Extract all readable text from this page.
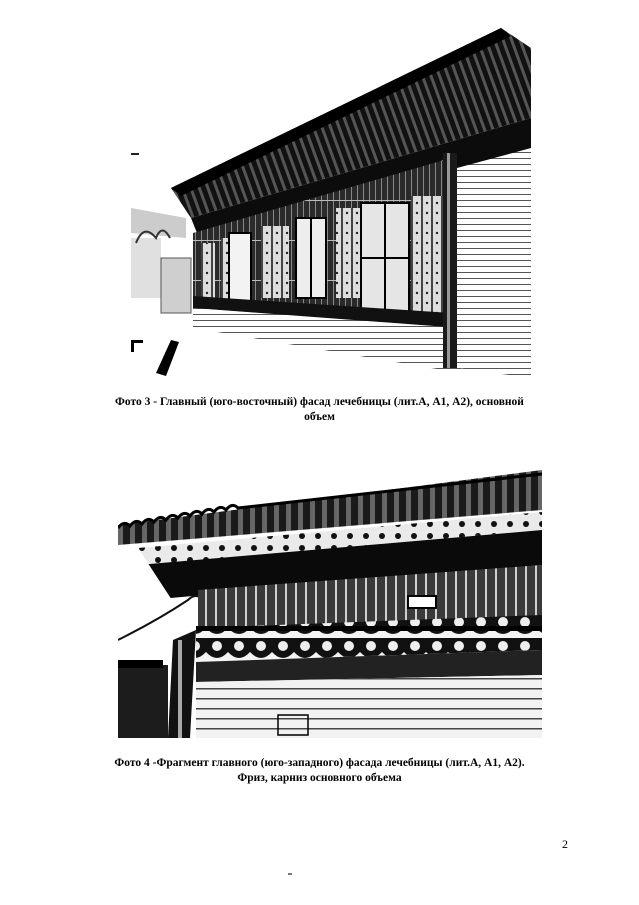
Фото 3 - Главный (юго-восточный) фасад лечебницы (лит.А, А1, А2), основной
объем
Фото 4 -Фрагмент главного (юго-западного) фасада лечебницы (лит.А, А1, А2).
Фриз, карниз основного объема
2
